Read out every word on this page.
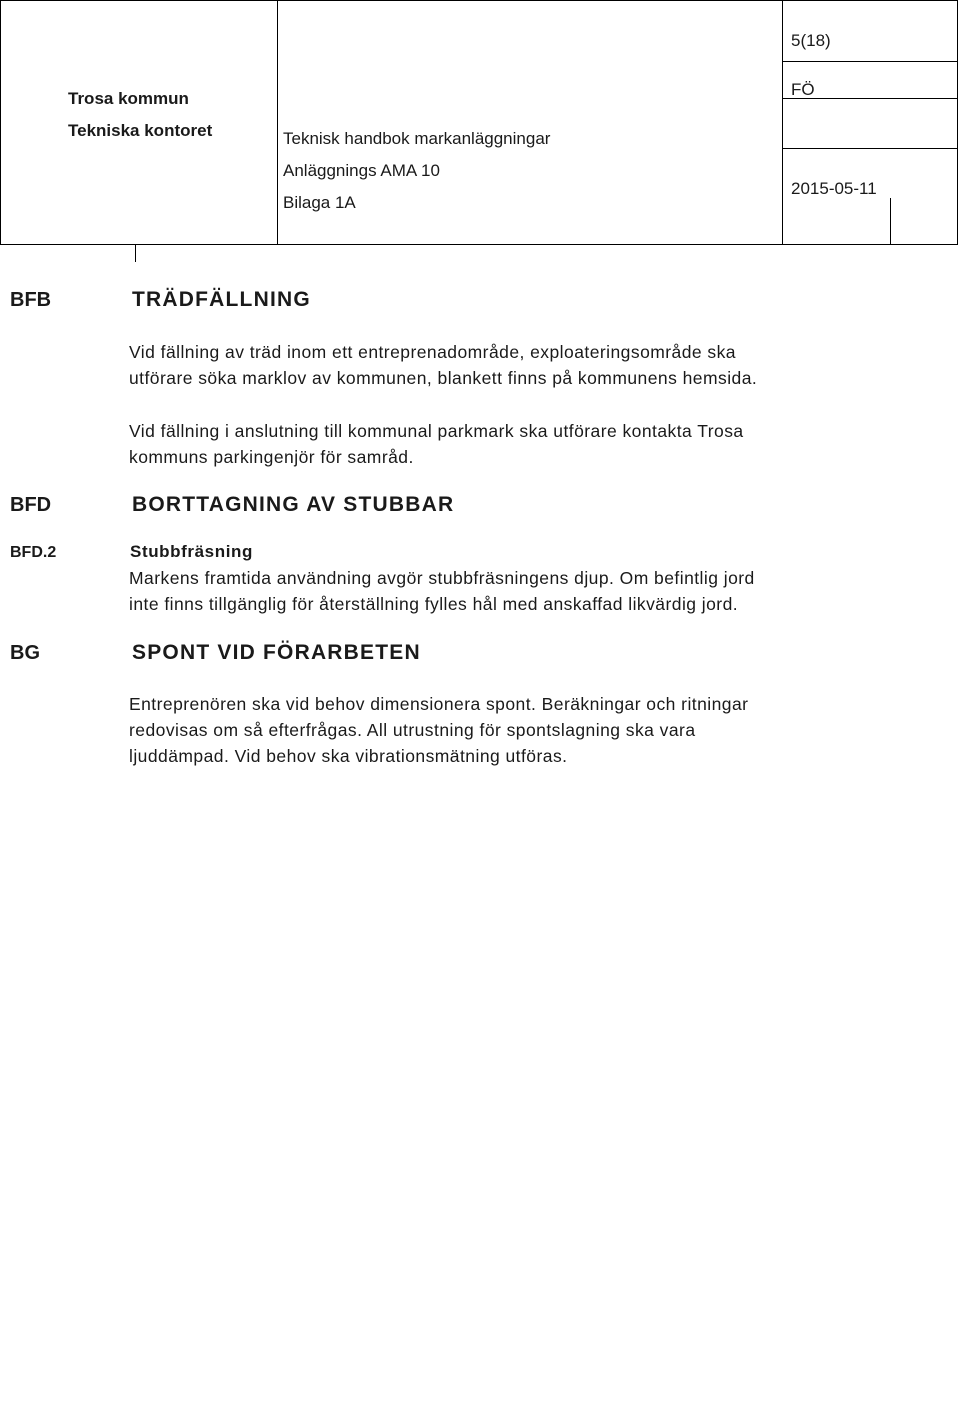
5(18)
Trosa kommun
Tekniska kontoret	Teknisk handbok markanläggningar
Anläggnings AMA 10
Bilaga 1A
FÖ
2015-05-11
BFB	TRÄDFÄLLNING
Vid fällning av träd inom ett entreprenadområde, exploateringsområde ska
utförare söka marklov av kommunen, blankett finns på kommunens hemsida.
Vid fällning i anslutning till kommunal parkmark ska utförare kontakta Trosa
kommuns parkingenjör för samråd.
BFD	BORTTAGNING AV STUBBAR
BFD.2	Stubbfräsning
Markens framtida användning avgör stubbfräsningens djup. Om befintlig jord
inte finns tillgänglig för återställning fylles hål med anskaffad likvärdig jord.
BG	SPONT VID FÖRARBETEN
Entreprenören ska vid behov dimensionera spont. Beräkningar och ritningar
redovisas om så efterfrågas. All utrustning för spontslagning ska vara
ljuddämpad. Vid behov ska vibrationsmätning utföras.
